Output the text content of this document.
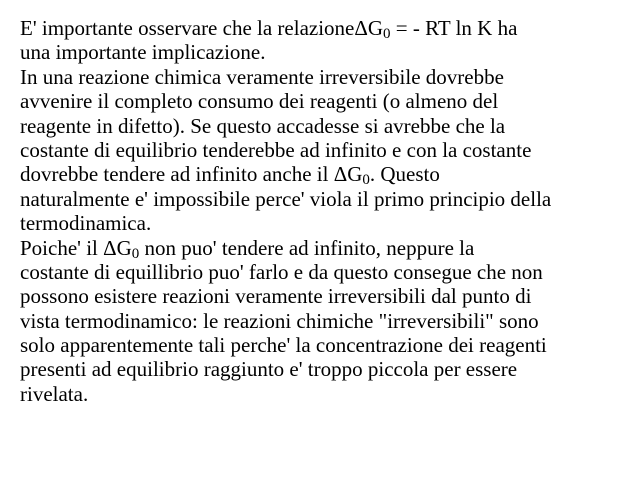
E' importante osservare che la relazioneΔG$_0$ = - RT ln K ha
una importante implicazione.
In una reazione chimica veramente irreversibile dovrebbe
avvenire il completo consumo dei reagenti (o almeno del
reagente in difetto). Se questo accadesse si avrebbe che la
costante di equilibrio tenderebbe ad infinito e con la costante
dovrebbe tendere ad infinito anche il $\Delta G_0$. Questo
naturalmente e' impossibile perce' viola il primo principio della
termodinamica.
Poiche' il $\Delta G_0$ non puo' tendere ad infinito, neppure la
costante di equillibrio puo' farlo e da questo consegue che non
possono esistere reazioni veramente irreversibili dal punto di
vista termodinamico: le reazioni chimiche "irreversibili" sono
solo apparentemente tali perche' la concentrazione dei reagenti
presenti ad equilibrio raggiunto e' troppo piccola per essere
rivelata.
